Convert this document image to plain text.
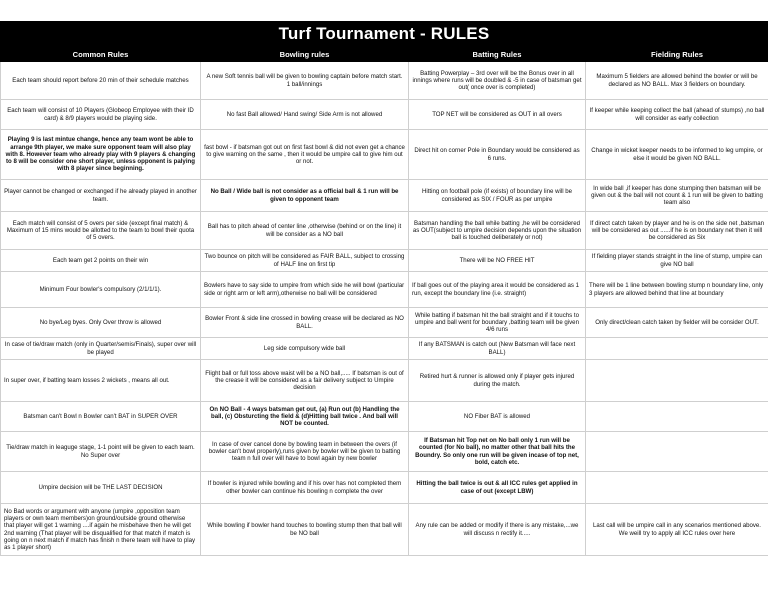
Turf Tournament - RULES
Common Rules	Bowling rules	Batting Rules	Fielding Rules
Each team should report before 20 min of their schedule matches	A new Soft tennis ball will be given to bowling captain before match start. 1 ball/innings	Batting Powerplay – 3rd over will be the Bonus over in all innings where runs will be doubled & -5 in case of batsman get out( once over is completed)	Maximum 5 fielders are allowed behind the bowler or will be declared as NO BALL. Max 3 fielders on boundary.
Each team will consist of 10 Players (Globeop Employee with their ID card) & 8/9 players would be playing side.	No fast Ball allowed/ Hand swing/ Side Arm is not allowed	TOP NET will be considered as OUT in all overs	If keeper while keeping collect the ball (ahead of stumps) ,no ball will consider as early collection
Playing 9 is last mintue change, hence any team wont be able to arrange 9th player, we make sure opponent team will also play with 8. However team who already play with 9 players & changing to 8 will be consider one short player, unless opponent is palying with 8 player since beginning.	fast bowl - if batsman got out on first fast bowl & did not even get a chance to give warning on the same , then it would be umpire call to give him out or not.	Direct hit on corner Pole in Boundary would be considered as 6 runs.	Change in wicket keeper needs to be informed to leg umpire, or else it would be given NO BALL.
Player cannot be changed or exchanged if he already played in another team.	No Ball / Wide ball is not consider as a official ball & 1 run will be given to opponent team	Hitting on football pole (if exists) of boundary line will be considered as SIX / FOUR as per umpire	In wide ball ,if keeper has done stumping then batsman will be given out & the ball will not count & 1 run will be given to batting team also
Each match will consist of 5 overs per side (except final match) & Maximum of 15 mins would be allotted to the team to bowl their quota of 5 overs.	Ball has to pitch ahead of center line ,otherwise (behind or on the line) it will be consider as a NO ball	Batsman handling the ball while batting ,he will be considered as OUT(subject to umpire decision depends upon the situation ball is touched deliberately or not)	If direct catch taken by player and he is on the side net ,batsman will be considered as out ......if he is on boundary net then it will be considered as Six
Each team get 2 points on their win	Two bounce on pitch will be considered as FAIR BALL, subject to crossing of HALF line on first tip	There will be NO FREE HIT	If fielding player stands straight in the line of stump, umpire can give NO ball
Minimum Four bowler's compulsory (2/1/1/1).	Bowlers have to say side to umpire from which side he will bowl (particular side or right arm or left arm),otherwise no ball will be considered	If ball goes out of the playing area it would be considered as 1 run, except the boundary line (i.e. straight)	There will be 1 line between bowling stump n boundary line, only 3 players are allowed behind that line at boundary
No bye/Leg byes. Only Over throw is allowed	Bowler Front & side line crossed in bowling crease will be declared as NO BALL.	While batting if batsman hit the ball straight and if it touchs to umpire and ball went for boundary ,batting team will be given 4/6 runs	Only direct/clean catch taken by fielder will be consider OUT.
In case of tie/draw match (only in Quarter/semis/Finals), super over will be played	Leg side compulsory wide ball	If any BATSMAN is catch out (New Batsman will face next BALL)	
In super over, if batting team losses 2 wickets , means all out.	Flight ball or full toss above waist will be a NO ball,..... If batsman is out of the crease it will be considered as a fair delivery subject to Umpire decision	Retired hurt & runner is allowed only if player gets injured during the match.	
Batsman can't Bowl n Bowler can't BAT in SUPER OVER	On NO Ball - 4 ways batsman get out, (a) Run out (b) Handling the ball, (c) Obsturcting the field & (d)Hitting ball twice . And ball will NOT be counted.	NO Fiber BAT is allowed	
Tie/draw match in leaguge stage, 1-1 point will be given to each team. No Super over	In case of over cancel done by bowling team in between the overs (if bowler can't bowl properly),runs given by bowler will be given to batting team n full over will have to bowl again by new bowler	If Batsman hit Top net on No ball only 1 run will be counted (for No ball), no matter other that ball hits the Boundry. So only one run will be given incase of top net, bold, catch etc.	
Umpire decision will be THE LAST DECISION	If bowler is injured while bowling and if his over has not completed them other bowler can continue his bowling n complete the over	Hitting the ball twice is out & all ICC rules get applied in case of out (except LBW)	
No Bad words or argument with anyone (umpire ,opposition team players or own team members)on ground/outside ground otherwise that player will get 1 warning ....if again he misbehave then he will get 2nd warning (That player will be disqualified for that match if match is going on n next match if match has finish n there team will have to play as 1 player short)	While bowling if bowler hand touches to bowling stump then that ball will be NO ball	Any rule can be added or modify if there is any mistake,...we will discuss n rectify it.....	Last call will be umpire call in any scenarios mentioned above. We weill try to apply all ICC rules over here
